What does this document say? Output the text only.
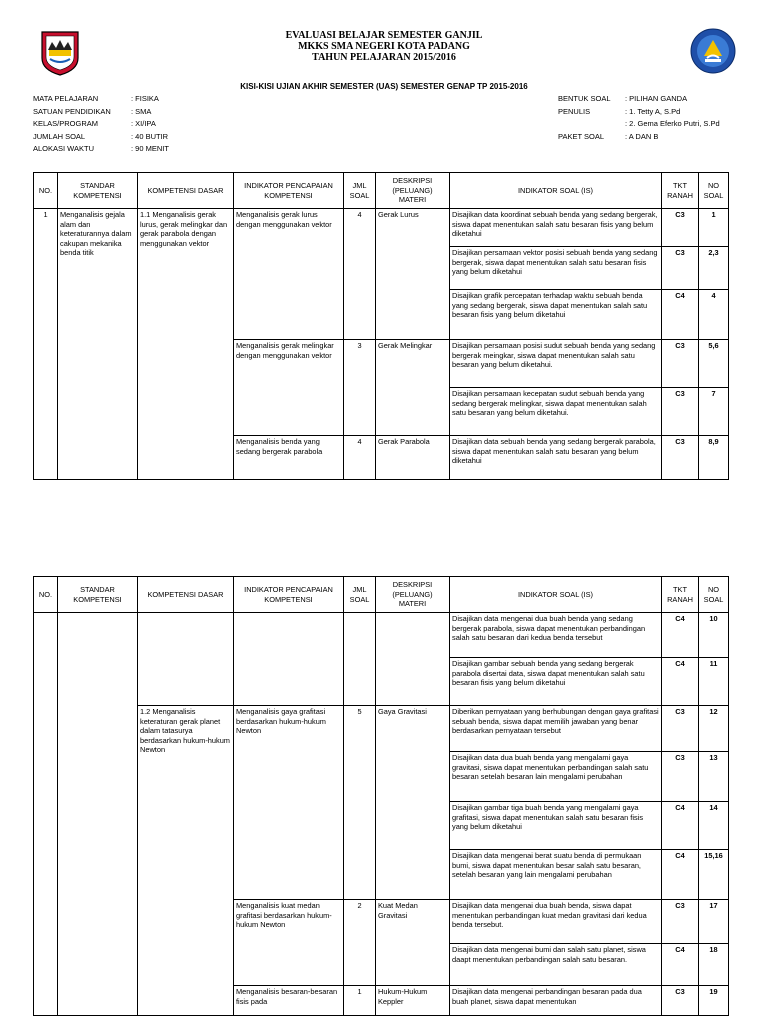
EVALUASI BELAJAR SEMESTER GANJIL
MKKS SMA NEGERI KOTA PADANG
TAHUN PELAJARAN 2015/2016
KISI-KISI UJIAN AKHIR SEMESTER (UAS) SEMESTER GENAP TP 2015-2016
MATA PELAJARAN	: FISIKA
SATUAN PENDIDIKAN	: SMA
KELAS/PROGRAM	: XI/IPA
JUMLAH SOAL	: 40 BUTIR
ALOKASI WAKTU	: 90 MENIT
BENTUK SOAL	: PILIHAN GANDA
PENULIS	: 1. Tetty A, S.Pd
: 2. Gema Eferko Putri, S.Pd
PAKET SOAL	: A DAN B
NO.	STANDAR KOMPETENSI	KOMPETENSI DASAR	INDIKATOR PENCAPAIAN KOMPETENSI	JML SOAL	DESKRIPSI (PELUANG) MATERI	INDIKATOR SOAL (IS)	TKT RANAH	NO SOAL
1	Menganalisis gejala alam dan keteraturannya dalam cakupan mekanika benda titik	1.1 Menganalisis gerak lurus, gerak melingkar dan gerak parabola dengan menggunakan vektor	Menganalisis gerak lurus dengan menggunakan vektor	4	Gerak Lurus	Disajikan data koordinat sebuah benda yang sedang bergerak, siswa dapat menentukan salah satu besaran fisis yang belum diketahui	C3	1
						Disajikan persamaan vektor posisi sebuah benda yang sedang bergerak, siswa dapat menentukan salah satu besaran fisis yang belum diketahui	C3	2,3
						Disajikan grafik percepatan terhadap waktu sebuah benda yang sedang bergerak, siswa dapat menentukan salah satu besaran fisis yang belum diketahui	C4	4
			Menganalisis gerak melingkar dengan menggunakan vektor	3	Gerak Melingkar	Disajikan persamaan posisi sudut sebuah benda yang sedang bergerak meingkar, siswa dapat menentukan salah satu besaran yang belum diketahui.	C3	5,6
						Disajikan persamaan kecepatan sudut sebuah benda yang sedang bergerak melingkar, siswa dapat menentukan salah satu besaran yang belum diketahui.	C3	7
			Menganalisis benda yang sedang bergerak parabola	4	Gerak Parabola	Disajikan data sebuah benda yang sedang bergerak parabola, siswa dapat menentukan salah satu besaran yang belum diketahui	C3	8,9
NO.	STANDAR KOMPETENSI	KOMPETENSI DASAR	INDIKATOR PENCAPAIAN KOMPETENSI	JML SOAL	DESKRIPSI (PELUANG) MATERI	INDIKATOR SOAL (IS)	TKT RANAH	NO SOAL
						Disajikan data mengenai dua buah benda yang sedang bergerak parabola, siswa dapat menentukan perbandingan salah satu besaran dari kedua benda tersebut	C4	10
						Disajikan gambar sebuah benda yang sedang bergerak parabola disertai data, siswa dapat menentukan salah satu besaran fisis yang belum diketahui	C4	11
		1.2 Menganalisis keteraturan gerak planet dalam tatasurya berdasarkan hukum-hukum Newton	Menganalisis gaya grafitasi berdasarkan hukum-hukum Newton	5	Gaya Gravitasi	Diberikan pernyataan yang berhubungan dengan gaya grafitasi sebuah benda, siswa dapat memilih jawaban yang benar berdasarkan pernyataan tersebut	C3	12
						Disajikan data dua buah benda yang mengalami gaya gravitasi, siswa dapat menentukan perbandingan salah satu besaran setelah besaran lain mengalami perubahan	C3	13
						Disajikan gambar tiga buah benda yang mengalami gaya grafitasi, siswa dapat menentukan salah satu besaran fisis yang belum diketahui	C4	14
						Disajikan data mengenai berat suatu benda di permukaan bumi, siswa dapat menentukan besar salah satu besaran, setelah besaran yang lain mengalami perubahan	C4	15,16
			Menganalisis kuat medan grafitasi berdasarkan hukum-hukum Newton	2	Kuat Medan Gravitasi	Disajikan data mengenai dua buah benda, siswa dapat menentukan perbandingan kuat medan gravitasi dari kedua benda tersebut.	C3	17
						Disajikan data mengenai bumi dan salah satu planet, siswa daapt menentukan perbandingan salah satu besaran.	C4	18
			Menganalisis besaran-besaran fisis pada	1	Hukum-Hukum Keppler	Disajikan data mengenai perbandingan besaran pada dua buah planet, siswa dapat menentukan	C3	19
